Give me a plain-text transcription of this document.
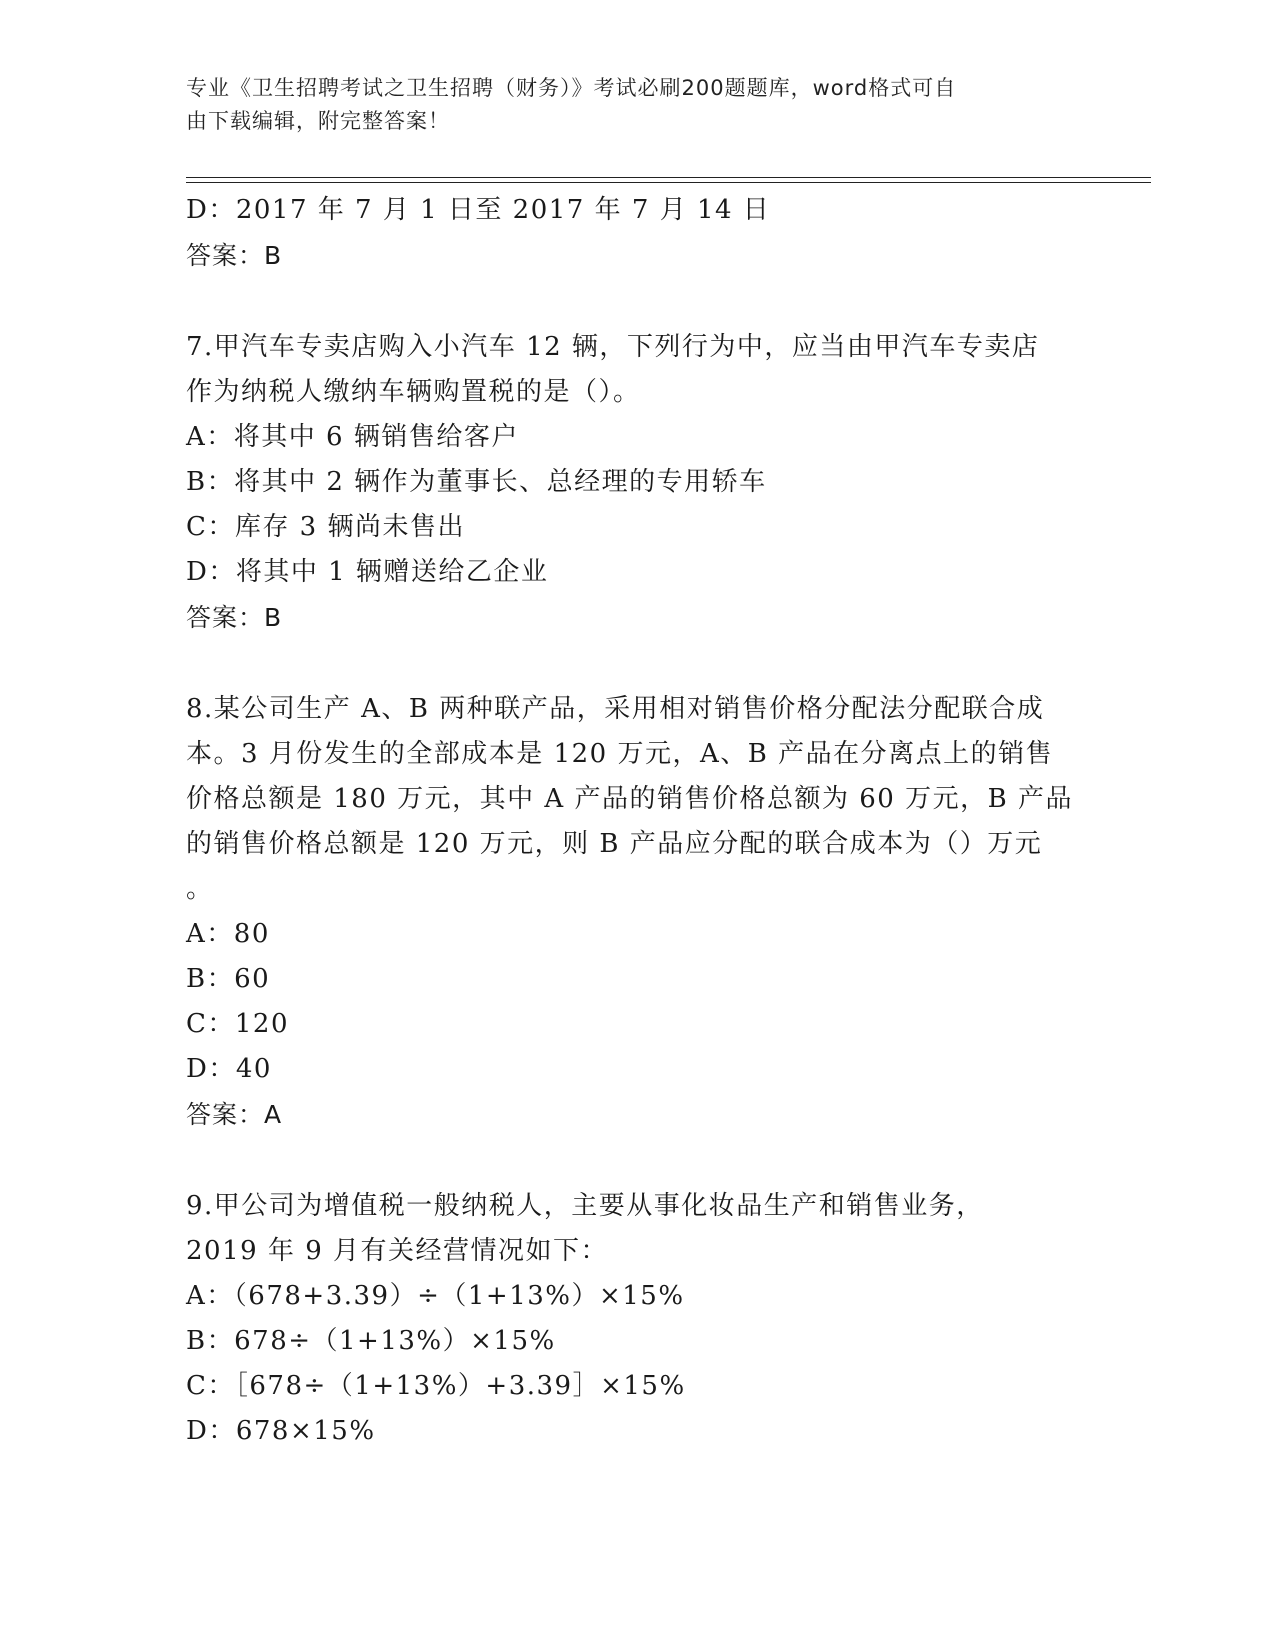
专业《卫生招聘考试之卫生招聘（财务）》考试必刷200题题库，word格式可自
由下载编辑，附完整答案！
D：2017 年 7 月 1 日至 2017 年 7 月 14 日
答案：B
7.甲汽车专卖店购入小汽车 12 辆，下列行为中，应当由甲汽车专卖店
作为纳税人缴纳车辆购置税的是（）。
A：将其中 6 辆销售给客户
B：将其中 2 辆作为董事长、总经理的专用轿车
C：库存 3 辆尚未售出
D：将其中 1 辆赠送给乙企业
答案：B
8.某公司生产 A、B 两种联产品，采用相对销售价格分配法分配联合成
本。3 月份发生的全部成本是 120 万元，A、B 产品在分离点上的销售
价格总额是 180 万元，其中 A 产品的销售价格总额为 60 万元，B 产品
的销售价格总额是 120 万元，则 B 产品应分配的联合成本为（）万元
。
A：80
B：60
C：120
D：40
答案：A
9.甲公司为增值税一般纳税人，主要从事化妆品生产和销售业务，
2019 年 9 月有关经营情况如下：
A：（678+3.39）÷（1+13%）×15%
B：678÷（1+13%）×15%
C：［678÷（1+13%）+3.39］×15%
D：678×15%
